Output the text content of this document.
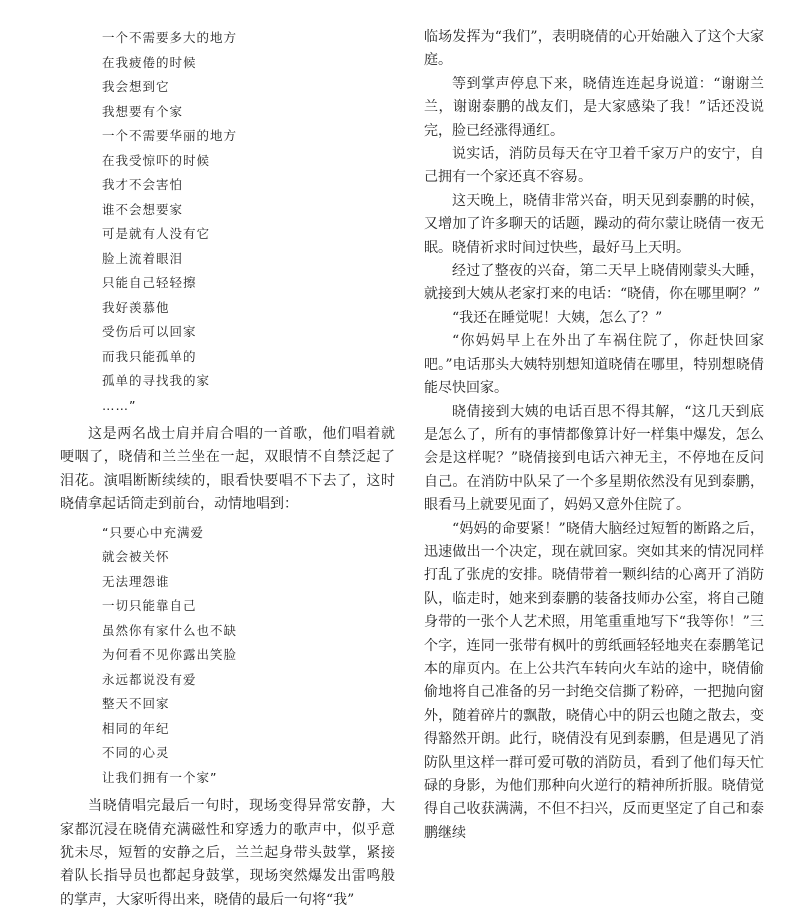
一个不需要多大的地方
在我疲倦的时候
我会想到它
我想要有个家
一个不需要华丽的地方
在我受惊吓的时候
我才不会害怕
谁不会想要家
可是就有人没有它
脸上流着眼泪
只能自己轻轻擦
我好羡慕他
受伤后可以回家
而我只能孤单的
孤单的寻找我的家
……”

这是两名战士肩并肩合唱的一首歌，他们唱着就哽咽了，晓倩和兰兰坐在一起，双眼情不自禁泛起了泪花。演唱断断续续的，眼看快要唱不下去了，这时晓倩拿起话筒走到前台，动情地唱到：

“只要心中充满爱
就会被关怀
无法理怨谁
一切只能靠自己
虽然你有家什么也不缺
为何看不见你露出笑脸
永远都说没有爱
整天不回家
相同的年纪
不同的心灵
让我们拥有一个家”

当晓倩唱完最后一句时，现场变得异常安静，大家都沉浸在晓倩充满磁性和穿透力的歌声中，似乎意犹未尽，短暂的安静之后，兰兰起身带头鼓掌，紧接着队长指导员也都起身鼓掌，现场突然爆发出雷鸣般的掌声，大家听得出来，晓倩的最后一句将“我”

临场发挥为“我们”，表明晓倩的心开始融入了这个大家庭。

等到掌声停息下来，晓倩连连起身说道：“谢谢兰兰，谢谢泰鹏的战友们，是大家感染了我！”话还没说完，脸已经涨得通红。

说实话，消防员每天在守卫着千家万户的安宁，自己拥有一个家还真不容易。

这天晚上，晓倩非常兴奋，明天见到泰鹏的时候，又增加了许多聊天的话题，躁动的荷尔蒙让晓倩一夜无眠。晓倩祈求时间过快些，最好马上天明。

经过了整夜的兴奋，第二天早上晓倩刚蒙头大睡，就接到大姨从老家打来的电话：“晓倩，你在哪里啊？”

“我还在睡觉呢！大姨，怎么了？”

“你妈妈早上在外出了车祸住院了，你赶快回家吧。”电话那头大姨特别想知道晓倩在哪里，特别想晓倩能尽快回家。

晓倩接到大姨的电话百思不得其解，“这几天到底是怎么了，所有的事情都像算计好一样集中爆发，怎么会是这样呢？”晓倩接到电话六神无主，不停地在反问自己。在消防中队呆了一个多星期依然没有见到泰鹏，眼看马上就要见面了，妈妈又意外住院了。

“妈妈的命要紧！”晓倩大脑经过短暂的断路之后，迅速做出一个决定，现在就回家。突如其来的情况同样打乱了张虎的安排。晓倩带着一颗纠结的心离开了消防队，临走时，她来到泰鹏的装备技师办公室，将自己随身带的一张个人艺术照，用笔重重地写下“我等你！”三个字，连同一张带有枫叶的剪纸画轻轻地夹在泰鹏笔记本的扉页内。在上公共汽车转向火车站的途中，晓倩偷偷地将自己准备的另一封绝交信撕了粉碎，一把抛向窗外，随着碎片的飘散，晓倩心中的阴云也随之散去，变得豁然开朗。此行，晓倩没有见到泰鹏，但是遇见了消防队里这样一群可爱可敬的消防员，看到了他们每天忙碌的身影，为他们那种向火逆行的精神所折服。晓倩觉得自己收获满满，不但不扫兴，反而更坚定了自己和泰鹏继续
